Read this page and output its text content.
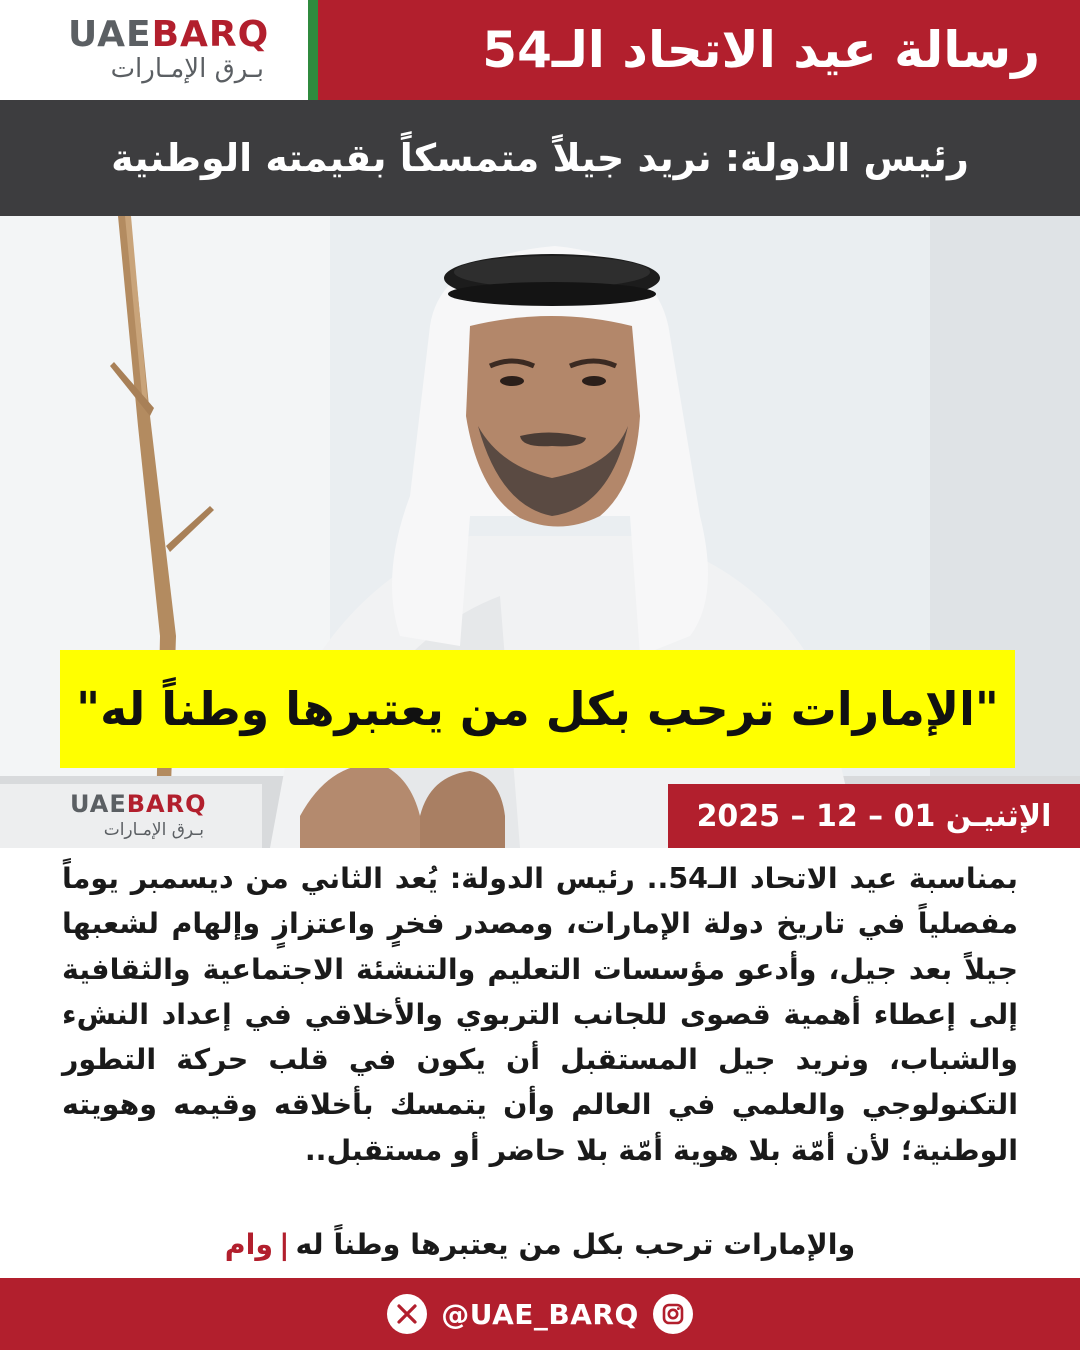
UAEBARQ
بـرق الإمـارات	رسالة عيد الاتحاد الـ54
رئيس الدولة: نريد جيلاً متمسكاً بقيمته الوطنية
"الإمارات ترحب بكل من يعتبرها وطناً له"
UAEBARQ
بـرق الإمـارات	الإثنيـن 01 – 12 – 2025
بمناسبة عيد الاتحاد الـ54.. رئيس الدولة: يُعد الثاني من ديسمبر يوماً مفصلياً في تاريخ دولة الإمارات، ومصدر فخرٍ واعتزازٍ وإلهام لشعبها جيلاً بعد جيل، وأدعو مؤسسات التعليم والتنشئة الاجتماعية والثقافية إلى إعطاء أهمية قصوى للجانب التربوي والأخلاقي في إعداد النشء والشباب، ونريد جيل المستقبل أن يكون في قلب حركة التطور التكنولوجي والعلمي في العالم وأن يتمسك بأخلاقه وقيمه وهويته الوطنية؛ لأن أمّة بلا هوية أمّة بلا حاضر أو مستقبل..
والإمارات ترحب بكل من يعتبرها وطناً له|وام
@UAE_BARQ
